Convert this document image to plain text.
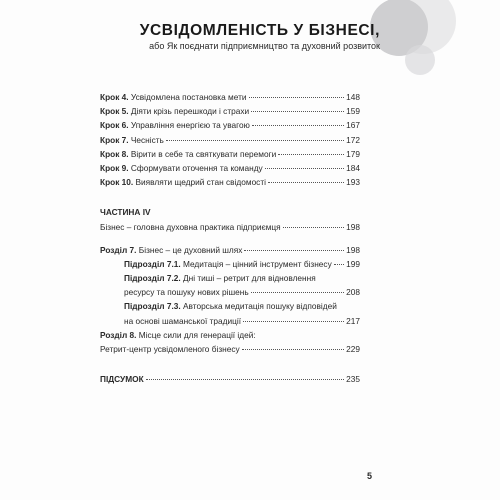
УСВІДОМЛЕНІСТЬ У БІЗНЕСІ,
або Як поєднати підприємництво та духовний розвиток
Крок 4. Усвідомлена постановка мети	148
Крок 5. Діяти крізь перешкоди і страхи	159
Крок 6. Управління енергією та увагою	167
Крок 7. Чесність	172
Крок 8. Вірити в себе та святкувати перемоги	179
Крок 9. Сформувати оточення та команду	184
Крок 10. Виявляти щедрий стан свідомості	193
ЧАСТИНА IV
Бізнес – головна духовна практика підприємця	198
Розділ 7. Бізнес – це духовний шлях	198
Підрозділ 7.1. Медитація – цінний інструмент бізнесу 199
Підрозділ 7.2. Дні тиші – ретрит для відновлення
ресурсу та пошуку нових рішень	208
Підрозділ 7.3. Авторська медитація пошуку відповідей
на основі шаманської традиції	217
Розділ 8. Місце сили для генерації ідей:
Ретрит-центр усвідомленого бізнесу	229
ПІДСУМОК	235
5
